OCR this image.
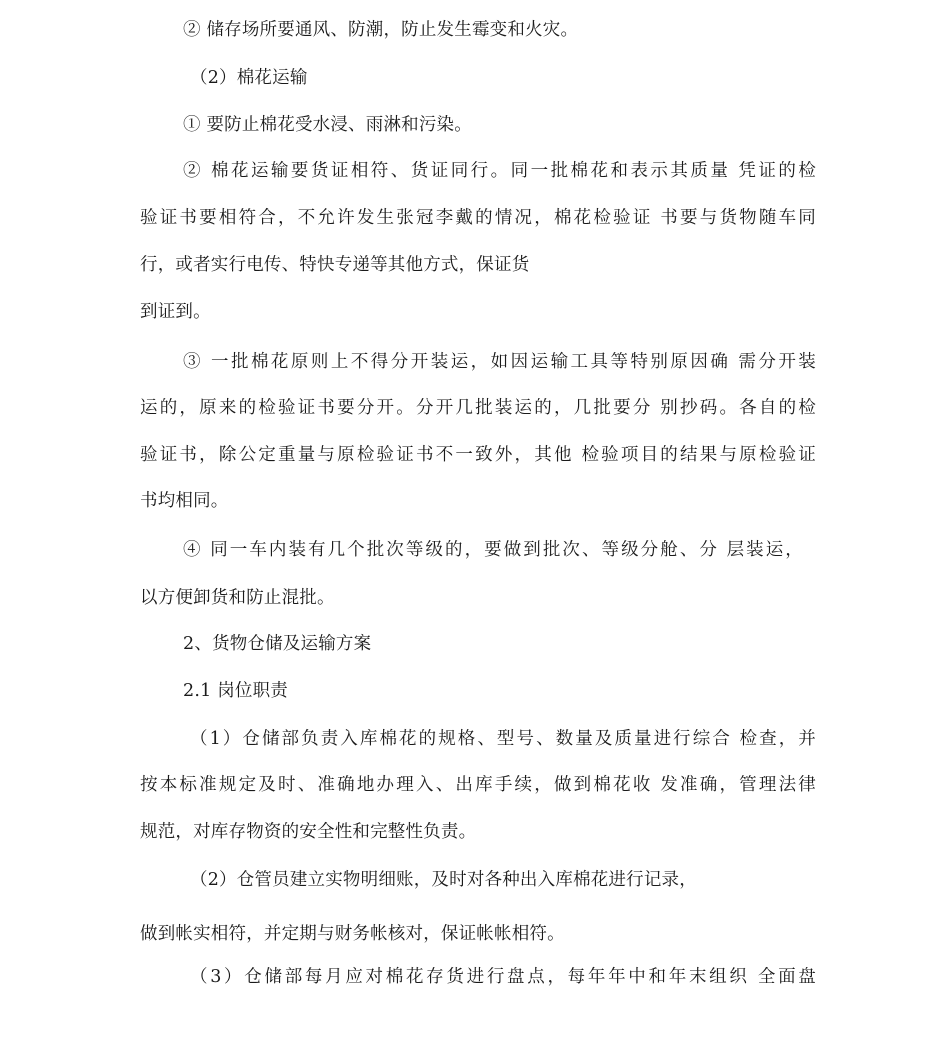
② 储存场所要通风、防潮，防止发生霉变和火灾。
（2）棉花运输
① 要防止棉花受水浸、雨淋和污染。
② 棉花运输要货证相符、货证同行。同一批棉花和表示其质量 凭证的检
验证书要相符合，不允许发生张冠李戴的情况，棉花检验证 书要与货物随车同
行，或者实行电传、特快专递等其他方式，保证货
到证到。
③ 一批棉花原则上不得分开装运，如因运输工具等特别原因确 需分开装
运的，原来的检验证书要分开。分开几批装运的，几批要分 别抄码。各自的检
验证书，除公定重量与原检验证书不一致外，其他 检验项目的结果与原检验证
书均相同。
④ 同一车内装有几个批次等级的，要做到批次、等级分舱、分 层装运，
以方便卸货和防止混批。
2、货物仓储及运输方案
2.1 岗位职责
（1）仓储部负责入库棉花的规格、型号、数量及质量进行综合 检查，并
按本标准规定及时、准确地办理入、出库手续，做到棉花收 发准确，管理法律
规范，对库存物资的安全性和完整性负责。
（2）仓管员建立实物明细账，及时对各种出入库棉花进行记录，
做到帐实相符，并定期与财务帐核对，保证帐帐相符。
（3）仓储部每月应对棉花存货进行盘点，每年年中和年末组织 全面盘
